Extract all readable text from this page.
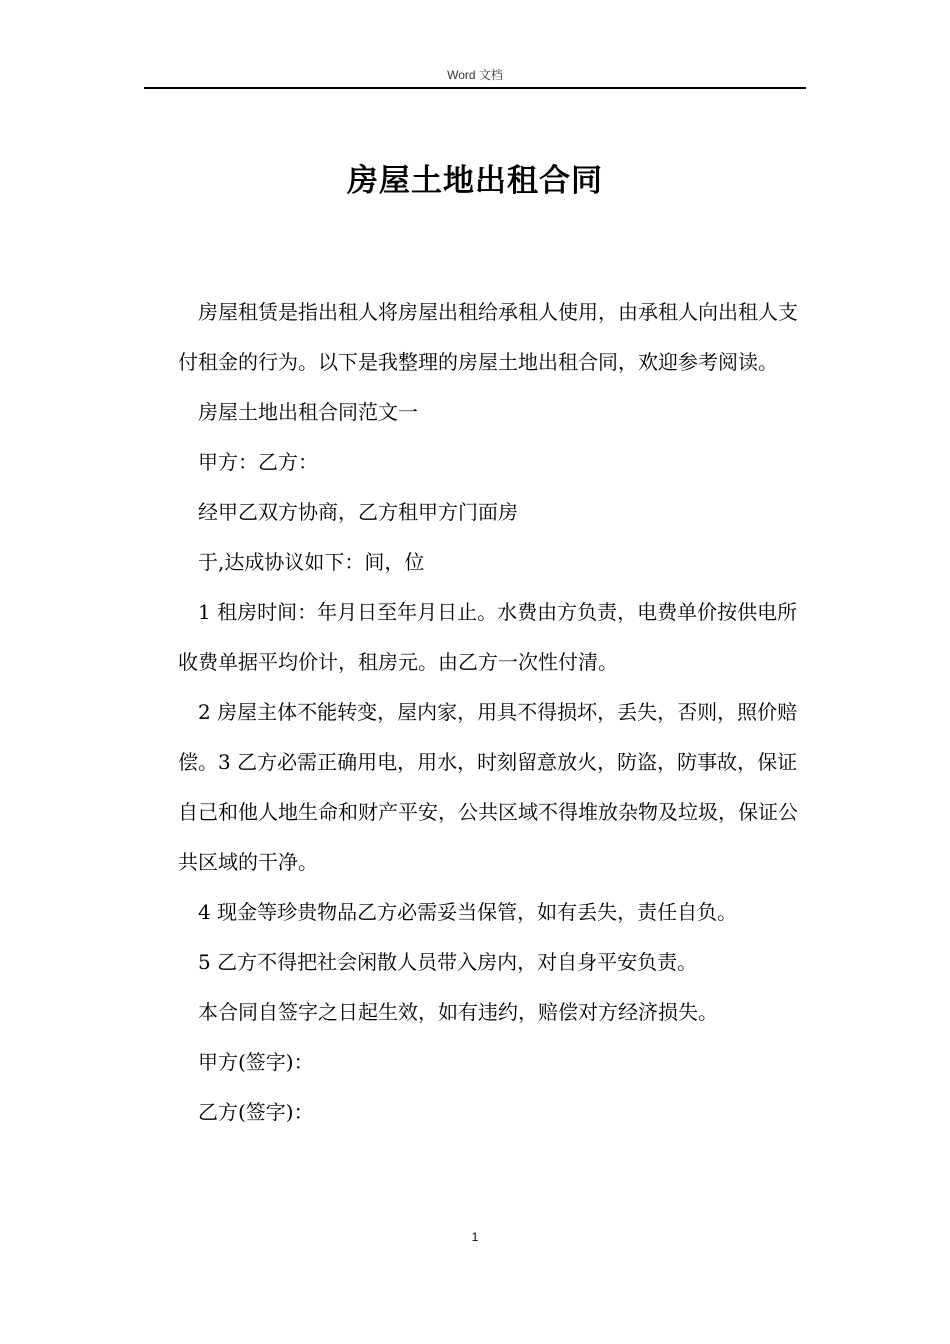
Word 文档
房屋土地出租合同

房屋租赁是指出租人将房屋出租给承租人使用，由承租人向出租人支付租金的行为。以下是我整理的房屋土地出租合同，欢迎参考阅读。

房屋土地出租合同范文一

甲方：乙方：

经甲乙双方协商，乙方租甲方门面房

于,达成协议如下：间，位

1 租房时间：年月日至年月日止。水费由方负责，电费单价按供电所收费单据平均价计，租房元。由乙方一次性付清。

2 房屋主体不能转变，屋内家，用具不得损坏，丢失，否则，照价赔偿。3 乙方必需正确用电，用水，时刻留意放火，防盗，防事故，保证自己和他人地生命和财产平安，公共区域不得堆放杂物及垃圾，保证公共区域的干净。

4 现金等珍贵物品乙方必需妥当保管，如有丢失，责任自负。

5 乙方不得把社会闲散人员带入房内，对自身平安负责。

本合同自签字之日起生效，如有违约，赔偿对方经济损失。

甲方(签字)：

乙方(签字)：

1
